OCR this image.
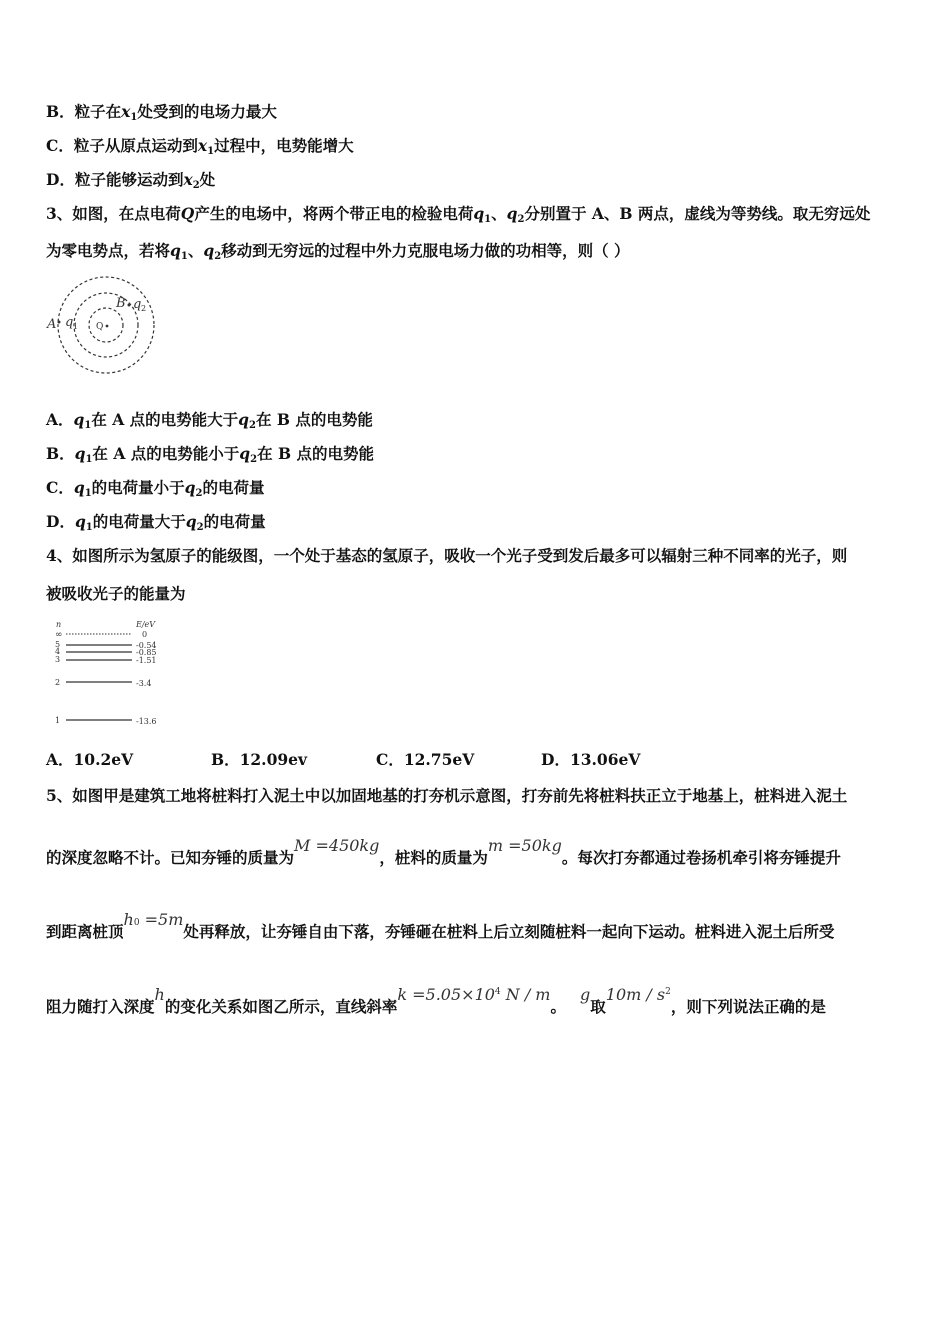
B．粒子在$x_1$处受到的电场力最大
C．粒子从原点运动到$x_1$过程中，电势能增大
D．粒子能够运动到$x_2$处
3、如图，在点电荷Q产生的电场中，将两个带正电的检验电荷$q_1$、$q_2$分别置于 A、B 两点，虚线为等势线。取无穷远处
为零电势点，若将$q_1$、$q_2$移动到无穷远的过程中外力克服电场力做的功相等，则（ ）
A q 1 Q
B q 2
A．$q_1$在 A 点的电势能大于$q_2$在 B 点的电势能
B．$q_1$在 A 点的电势能小于$q_2$在 B 点的电势能
C．$q_1$的电荷量小于$q_2$的电荷量
D．$q_1$的电荷量大于$q_2$的电荷量
4、如图所示为氢原子的能级图，一个处于基态的氢原子，吸收一个光子受到发后最多可以辐射三种不同率的光子，则
被吸收光子的能量为
n	E/eV
∞	0
5	-0.54
4	-0.85
3	-1.51
2	-3.4
1	-13.6
A．10.2eV	B．12.09ev	C．12.75eV	D．13.06eV
5、如图甲是建筑工地将桩料打入泥土中以加固地基的打夯机示意图，打夯前先将桩料扶正立于地基上，桩料进入泥土
的深度忽略不计。已知夯锤的质量为M =450kg，桩料的质量为m =50kg。每次打夯都通过卷扬机牵引将夯锤提升
到距离桩顶h0 =5m处再释放，让夯锤自由下落，夯锤砸在桩料上后立刻随桩料一起向下运动。桩料进入泥土后所受
阻力随打入深度h的变化关系如图乙所示，直线斜率$k =5.05\times 10^4$ N / m。g取$10m / s^2$，则下列说法正确的是
